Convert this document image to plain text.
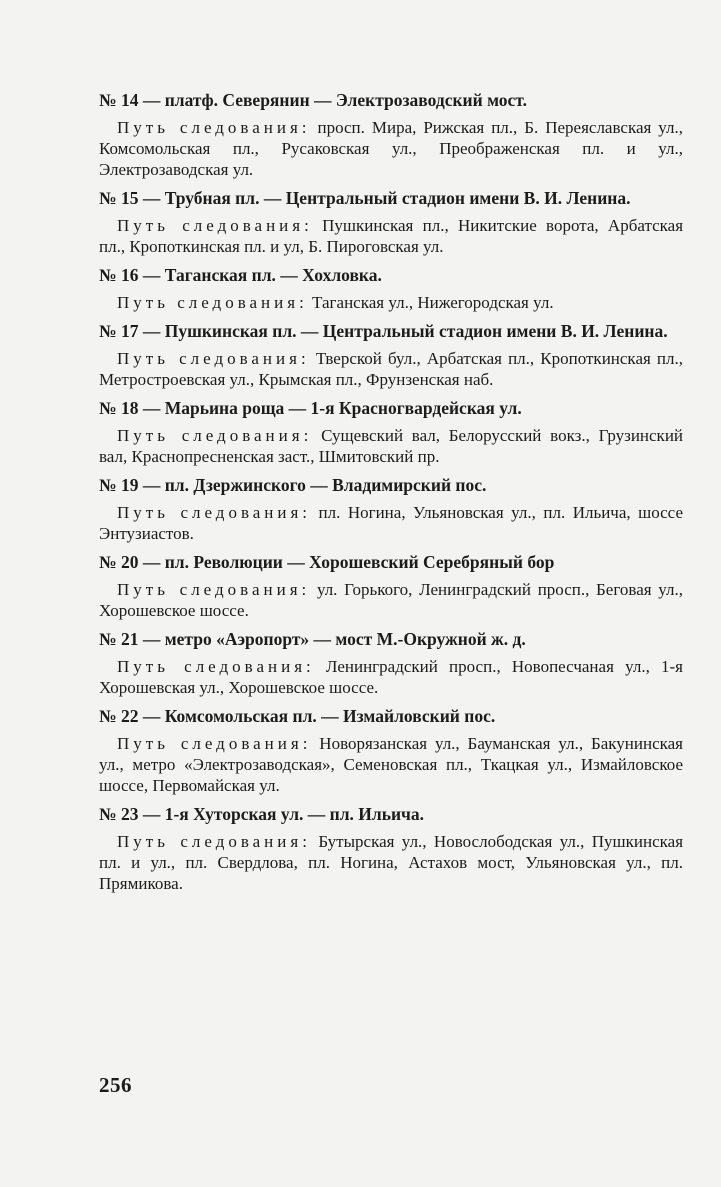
№ 14 — платф. Северянин — Электрозаводский мост.
Путь следования: просп. Мира, Рижская пл., Б. Переяславская ул., Комсомольская пл., Русаковская ул., Преображенская пл. и ул., Электрозаводская ул.
№ 15 — Трубная пл. — Центральный стадион имени В. И. Ленина.
Путь следования: Пушкинская пл., Никитские ворота, Арбатская пл., Кропоткинская пл. и ул, Б. Пироговская ул.
№ 16 — Таганская пл. — Хохловка.
Путь следования: Таганская ул., Нижегородская ул.
№ 17 — Пушкинская пл. — Центральный стадион имени В. И. Ленина.
Путь следования: Тверской бул., Арбатская пл., Кропоткинская пл., Метростроевская ул., Крымская пл., Фрунзенская наб.
№ 18 — Марьина роща — 1-я Красногвардейская ул.
Путь следования: Сущевский вал, Белорусский вокз., Грузинский вал, Краснопресненская заст., Шмитовский пр.
№ 19 — пл. Дзержинского — Владимирский пос.
Путь следования: пл. Ногина, Ульяновская ул., пл. Ильича, шоссе Энтузиастов.
№ 20 — пл. Революции — Хорошевский Серебряный бор
Путь следования: ул. Горького, Ленинградский просп., Беговая ул., Хорошевское шоссе.
№ 21 — метро «Аэропорт» — мост М.-Окружной ж. д.
Путь следования: Ленинградский просп., Новопесчаная ул., 1-я Хорошевская ул., Хорошевское шоссе.
№ 22 — Комсомольская пл. — Измайловский пос.
Путь следования: Новорязанская ул., Бауманская ул., Бакунинская ул., метро «Электрозаводская», Семеновская пл., Ткацкая ул., Измайловское шоссе, Первомайская ул.
№ 23 — 1-я Хуторская ул. — пл. Ильича.
Путь следования: Бутырская ул., Новослободская ул., Пушкинская пл. и ул., пл. Свердлова, пл. Ногина, Астахов мост, Ульяновская ул., пл. Прямикова.
256
